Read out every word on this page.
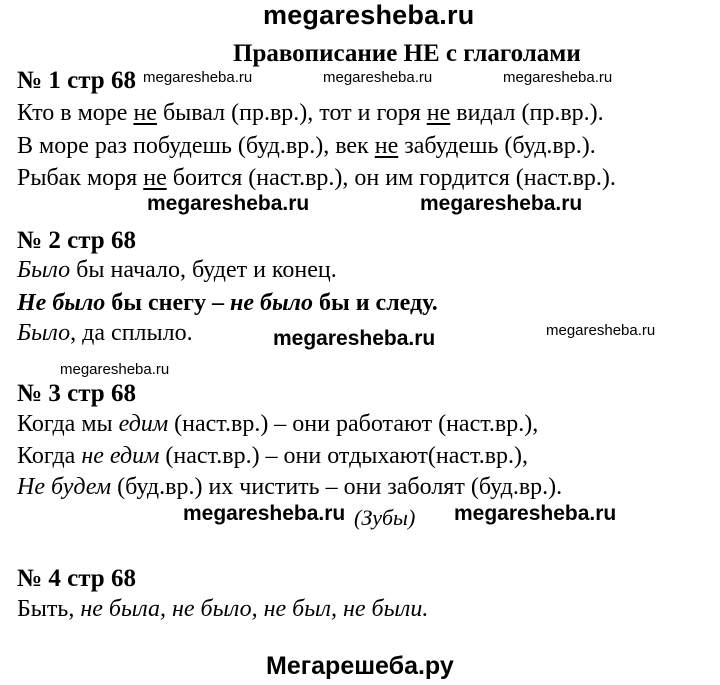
megaresheba.ru
Правописание НЕ с глаголами
№ 1 стр 68 megaresheba.ru	megaresheba.ru	megaresheba.ru
Кто в море не бывал (пр.вр.), тот и горя не видал (пр.вр.).
В море раз побудешь (буд.вр.), век не забудешь (буд.вр.).
Рыбак моря не боится (наст.вр.), он им гордится (наст.вр.).
megaresheba.ru	megaresheba.ru
№ 2 стр 68
Было бы начало, будет и конец.
Не было бы снегу – не было бы и следу.
Было, да сплыло.	megaresheba.ru	megaresheba.ru
megaresheba.ru
№ 3 стр 68
Когда мы едим (наст.вр.) – они работают (наст.вр.),
Когда не едим (наст.вр.) – они отдыхают(наст.вр.),
Не будем (буд.вр.) их чистить – они заболят (буд.вр.).
megaresheba.ru (Зубы) megaresheba.ru
№ 4 стр 68
Быть, не была, не было, не был, не были.
Мегарешеба.ру
